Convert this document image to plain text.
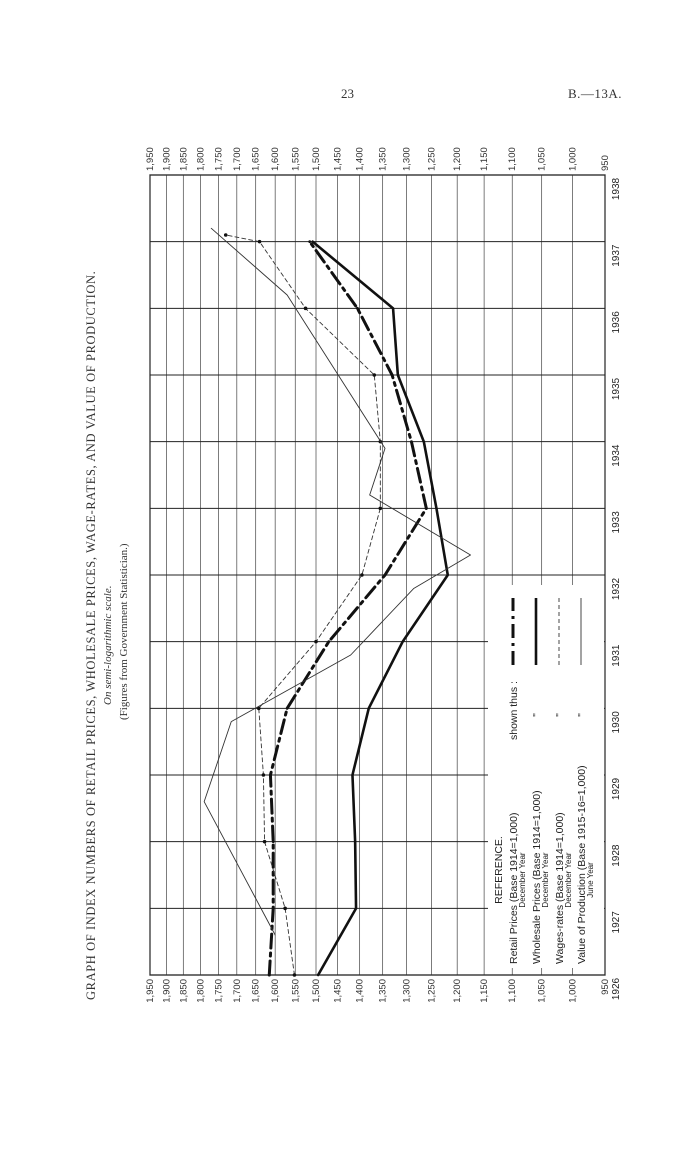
23	B.—13A.
GRAPH OF INDEX NUMBERS OF RETAIL PRICES, WHOLESALE PRICES, WAGE-RATES, AND VALUE OF PRODUCTION. On semi-logarithmic scale. (Figures from Government Statistician.)
950
950
1,000
1,000
1,050
1,050
1,100
1,100
1,150
1,150
1,200
1,200
1,250
1,250
1,300
1,300
1,350
1,350
1,400
1,400
1,450
1,450
1,500
1,500
1,550
1,550
1,600
1,600
1,650
1,650
1,700
1,700
1,750
1,750
1,800
1,800
1,850
1,850
1,900
1,900
1,950
1,950	1926
1927
1928
1929
1930
1931
1932
1933
1934
1935
1936
1937
1938
REFERENCE. Retail Prices (Base 1914=1,000)
December Year
shown thus :
Wholesale Prices (Base 1914=1,000)
December Year
"
Wages-rates (Base 1914=1,000)
December Year
"
Value of Production (Base 1915-16=1,000)
June Year
"
